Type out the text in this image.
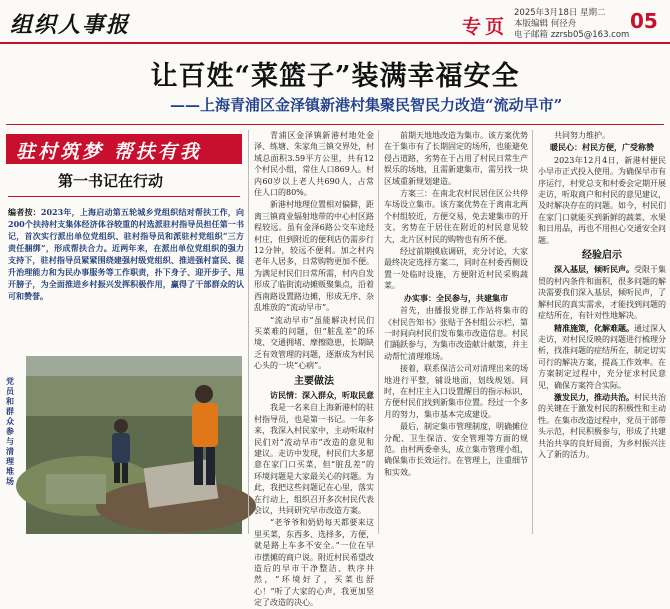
组织人事报	专页
2025年3月18日 星期二
本版编辑 何径舟
电子邮箱 zzrsb05@163.com
05
让百姓“菜篮子”装满幸福安全
——上海青浦区金泽镇新港村集聚民智民力改造“流动早市”
驻村筑梦 帮扶有我
第一书记在行动
编者按：2023年，上海启动第五轮城乡党组织结对帮扶工作，向200个扶持村支集体经济体谷较重的村选派驻村指导员担任第一书记，首次实行派出单位党组织、驻村指导员和派驻村党组织“三方责任捆绑”，形成帮扶合力。近两年来，在派出单位党组织的强力支持下，驻村指导员紧紧围绕建强村级党组织、推进强村富民、提升治理能力和为民办事服务等工作职责，扑下身子、迎开步子、甩开膀子，为全面推进乡村振兴发挥积极作用，赢得了干部群众的认可和赞誉。
党员和群众参与清理堆场

青浦区金泽镇新港村地处金泽、练塘、朱家角三镇交界处，村域总面积3.59平方公里，共有12个村民小组，常住人口869人。村内60岁以上老人共690人，占常住人口的80%。

新港村地理位置相对偏僻，距离三镇商业辐射地带的中心村区路程较远。虽有金泽6路公交车途经村庄，但到附近的便利店仍需步行12分钟，较远不便利。加之村内老年人居多，日常购物更加不便。为满足村民们日常所需，村内自发形成了临街流动摊贩聚集点，沿着西南路设置路边摊，形成无序、杂乱堆放的“流动早市”。

“流动早市”虽能解决村民们买菜难的问题，但“脏乱差”的环境、交通拥堵、摩擦隐患，长期缺乏有效管理的问题，逐渐成为村民心头的一块“心病”。

主要做法

访民情：深入群众，听取民意

我是一名来自上海新港村的驻村指导员，也是第一书记。一年多来，我深入村民家中，主动听取村民们对“流动早市”改造的意见和建议。走访中发现，村民们大多愿意在家门口买菜，但“脏乱差”的环境问题是大家最关心的问题。为此，我把这些问题记在心里，落实在行动上，组织召开多次村民代表会议，共同研究早市改造方案。

“老爷爷和奶奶每天都要来这里买菜，东西多、选择多，方便，就是路上车多不安全。”一位在早市摆摊的商户说。附近村民希望改造后的早市干净整洁、秩序井然，“环境好了，买菜也舒心！”听了大家的心声，我更加坚定了改造的决心。

前期天地地改造为集市。该方案优势在于集市有了长期固定的场所，也能避免侵占道路，劣势在于占用了村民日常生产娱乐的场地，且需新建集市，需另找一块区域重新规划建造。

方案三：在南北农村民居住区公共停车场设立集市。该方案优势在于离南北两个村组较近，方便交易，免去建集市的开支。劣势在于居住在附近的村民意见较大，北片区村民的购物也有所不便。

经过前期摸底调研，充分讨论，大家最终决定选择方案二，同时在村委西侧设置一处临时设施，方便附近村民采购蔬菜。

办实事：全民参与，共建集市

首先，由播报党群工作站将集市的《村民告知书》张贴于各村组公示栏，第一时间向村民们发布集市改造信息。村民们踊跃参与，为集市改造献计献策，并主动帮忙清理堆场。

接着，联系保洁公司对清理出来的场地进行平整，铺设地面，划线规划。同时，在村庄主入口设置醒目的指示标识，方便村民们找到新集市位置。经过一个多月的努力，集市基本完成建设。

最后，制定集市管理制度，明确摊位分配、卫生保洁、安全管理等方面的规范。由村两委牵头，成立集市管理小组，确保集市长效运行。在管理上，注重细节和实效。

共同努力维护。

暖民心：村民方便，广受称赞

2023年12月4日，新港村便民小早市正式投入使用。为确保早市有序运行，村党总支和村委会定期开展走访，听取商户和村民的意见建议，及时解决存在的问题。如今，村民们在家门口就能买到新鲜的蔬菜、水果和日用品，再也不用担心交通安全问题。

经验启示

深入基层，倾听民声。受限于集贸的村内条件和面积，很多问题的解决需要我们深入基层，倾听民声，了解村民的真实需求，才能找到问题的症结所在，有针对性地解决。

精准施策，化解难题。通过深入走访，对村民反映的问题进行梳理分析，找准问题的症结所在，制定切实可行的解决方案，提高工作效率。在方案制定过程中，充分征求村民意见，确保方案符合实际。

激发民力，推动共治。村民共治的关键在于激发村民的积极性和主动性。在集市改造过程中，党员干部带头示范，村民积极参与，形成了共建共治共享的良好局面，为乡村振兴注入了新的活力。
